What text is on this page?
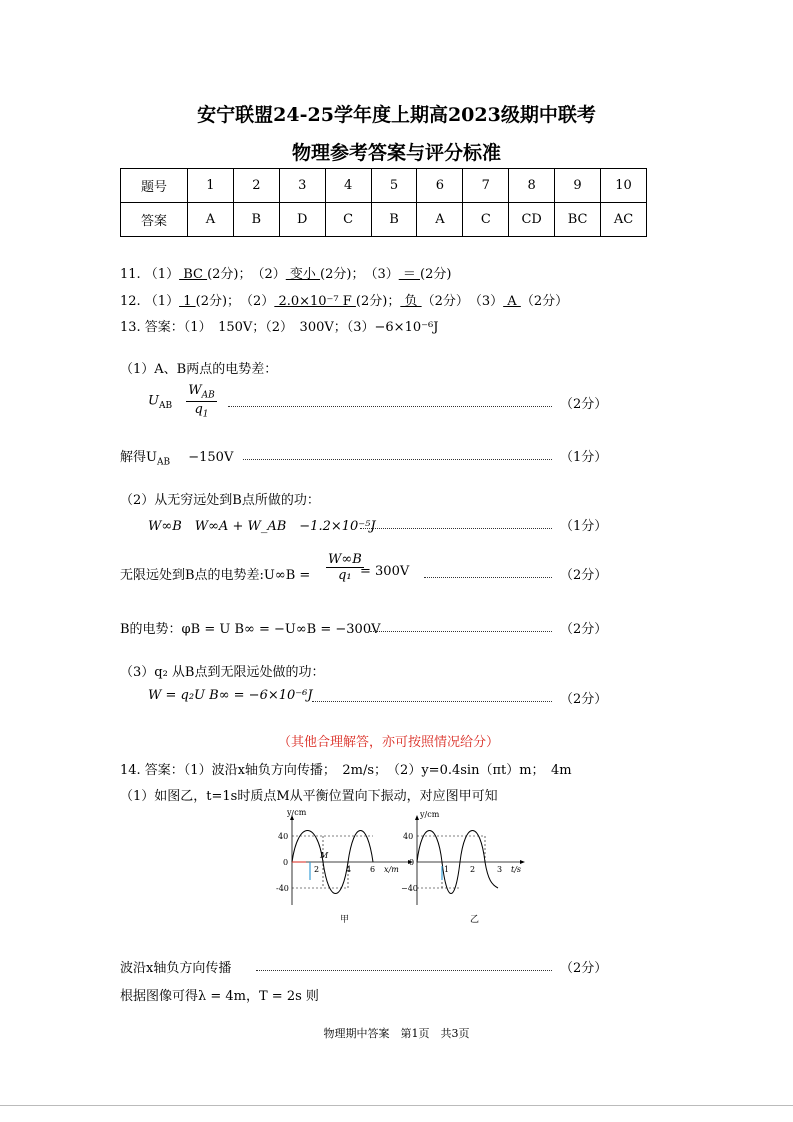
安宁联盟24-25学年度上期高2023级期中联考
物理参考答案与评分标准
题号	1	2	3	4	5	6	7	8	9	10
答案	A	B	D	C	B	A	C	CD	BC	AC
11. （1） BC (2分)；　（2） 变小 (2分)；　（3） ＝ (2分)
12. （1） 1 (2分)；　（2） 2.0×10⁻⁷ F (2分)； 负 （2分）　（3） A （2分）
13. 答案：（1）　150V；（2）　300V；（3）−6×10⁻⁶J
（1）A、B两点的电势差：
$U_{AB} \frac{W_{AB}}{q_1}$	（2分）
解得$U_{AB} -150V$	（1分）
（2）从无穷远处到B点所做的功：
W∞B　W∞A + W_AB　−1.2×10⁻⁵J	（1分）
无限远处到B点的电势差:U∞B = $\frac{W\infty B}{\text{q₁}}$
= 300V	（2分）
B的电势：φB = U B∞ = −U∞B = −300V	（2分）
（3）q₂ 从B点到无限远处做的功：
W = q₂U B∞ = −6×10⁻⁶J	（2分）
（其他合理解答，亦可按照情况给分）
14. 答案：（1）波沿x轴负方向传播；　2m/s；　（2）y=0.4sin（πt）m；　4m
（1）如图乙，t=1s时质点M从平衡位置向下振动，对应图甲可知
y/cm
40
0
-40
2	4 6
M
x/m
甲
y/cm
40
0
−40
1	2	3 t/s
乙
波沿x轴负方向传播	（2分）
根据图像可得λ = 4m，T = 2s 则
物理期中答案　第1页　共3页
